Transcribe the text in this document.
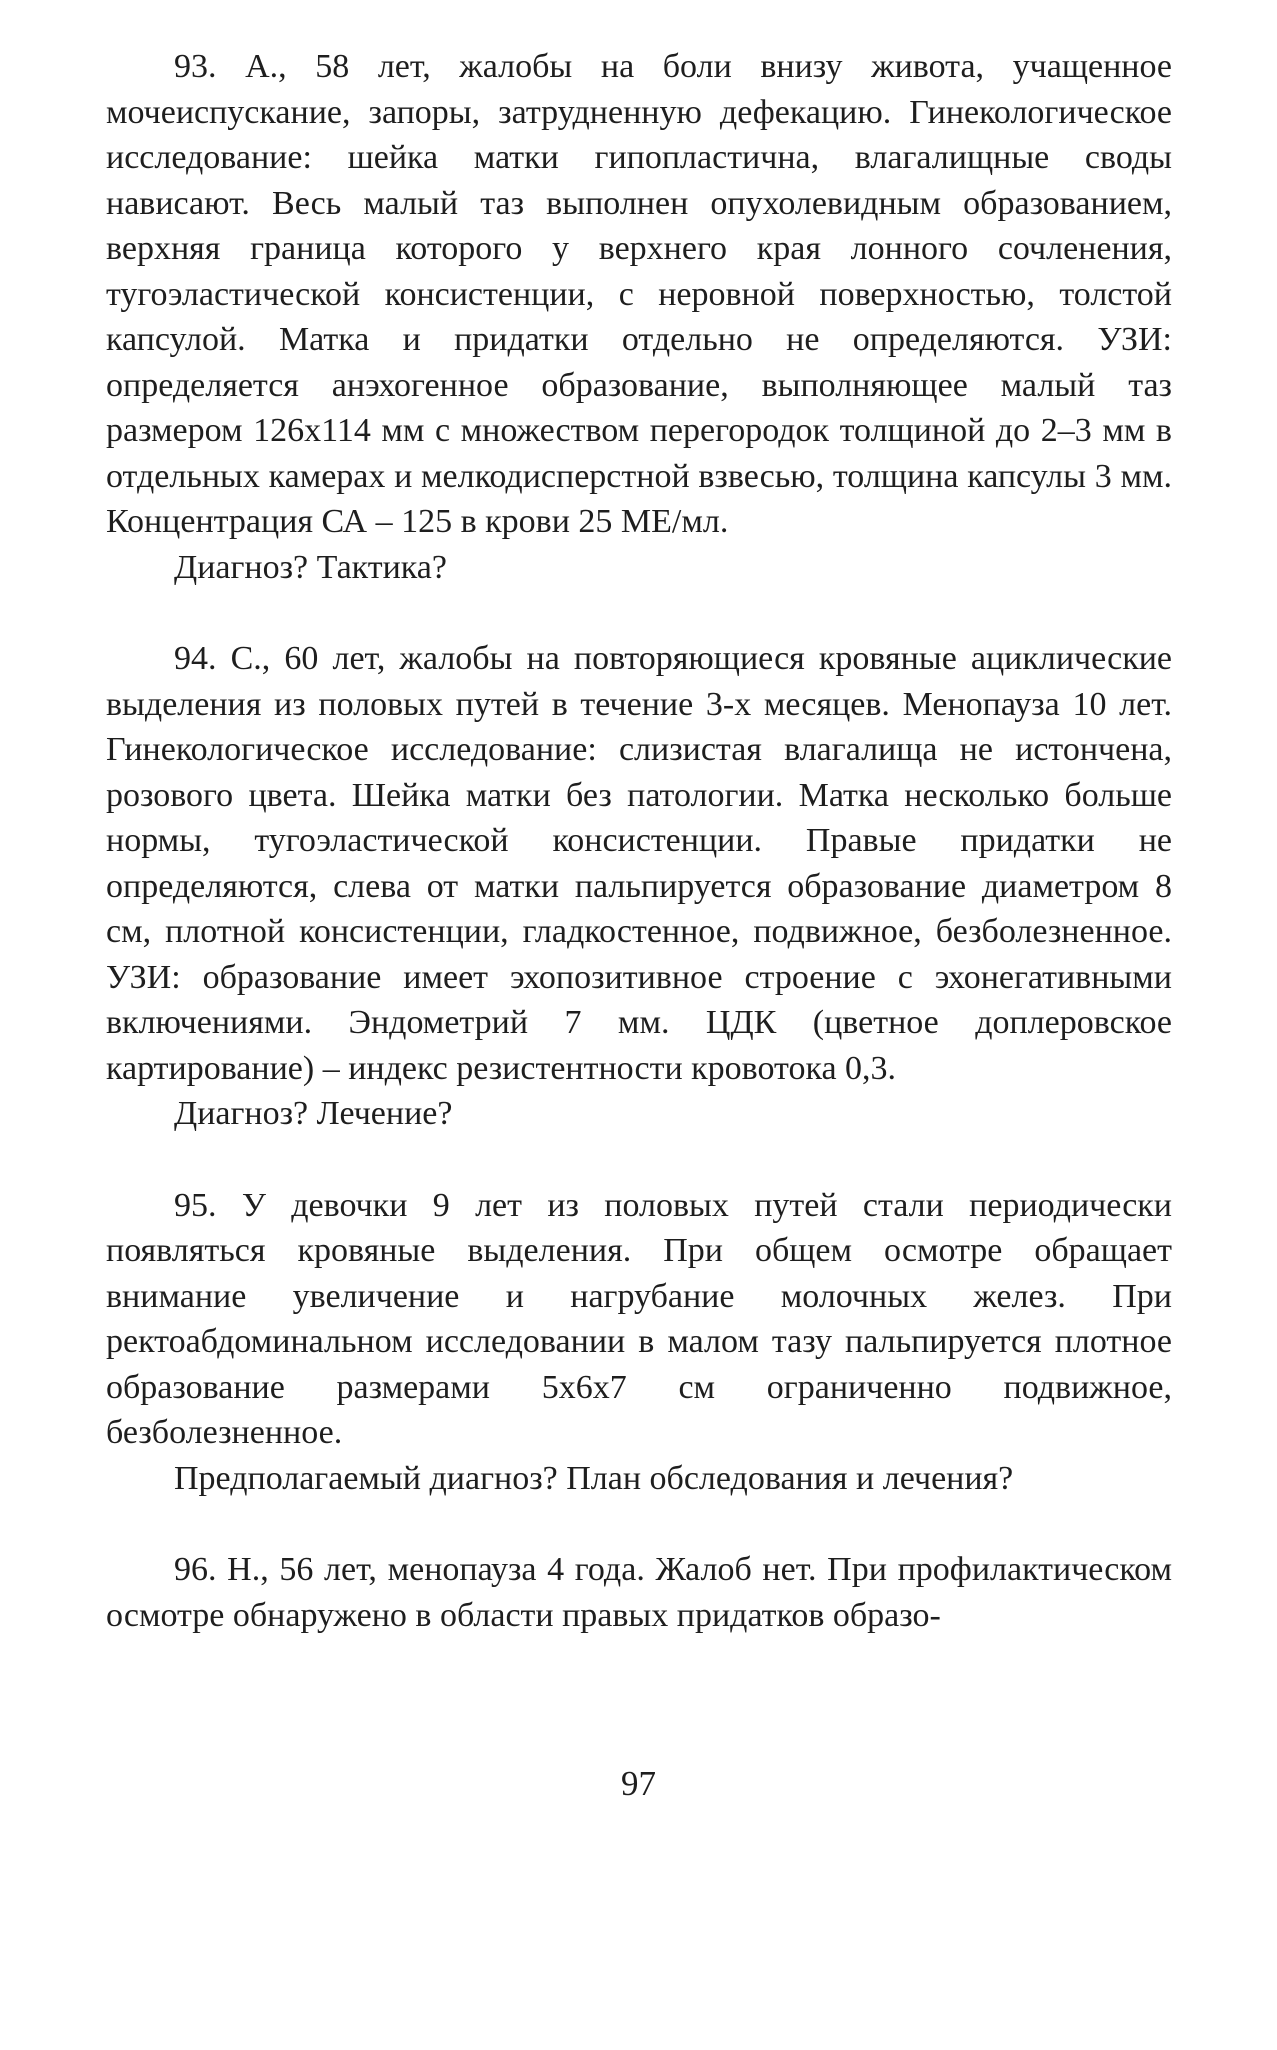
93. А., 58 лет, жалобы на боли внизу живота, учащенное мочеиспускание, запоры, затрудненную дефекацию. Гинекологическое исследование: шейка матки гипопластична, влагалищные своды нависают. Весь малый таз выполнен опухолевидным образованием, верхняя граница которого у верхнего края лонного сочленения, тугоэластической консистенции, с неровной поверхностью, толстой капсулой. Матка и придатки отдельно не определяются. УЗИ: определяется анэхогенное образование, выполняющее малый таз размером 126х114 мм с множеством перегородок толщиной до 2–3 мм в отдельных камерах и мелкодисперстной взвесью, толщина капсулы 3 мм. Концентрация СА – 125 в крови 25 МЕ/мл.

Диагноз? Тактика?

94. С., 60 лет, жалобы на повторяющиеся кровяные ациклические выделения из половых путей в течение 3-х месяцев. Менопауза 10 лет. Гинекологическое исследование: слизистая влагалища не истончена, розового цвета. Шейка матки без патологии. Матка несколько больше нормы, тугоэластической консистенции. Правые придатки не определяются, слева от матки пальпируется образование диаметром 8 см, плотной консистенции, гладкостенное, подвижное, безболезненное. УЗИ: образование имеет эхопозитивное строение с эхонегативными включениями. Эндометрий 7 мм. ЦДК (цветное доплеровское картирование) – индекс резистентности кровотока 0,3.

Диагноз? Лечение?

95. У девочки 9 лет из половых путей стали периодически появляться кровяные выделения. При общем осмотре обращает внимание увеличение и нагрубание молочных желез. При ректоабдоминальном исследовании в малом тазу пальпируется плотное образование размерами 5х6х7 см ограниченно подвижное, безболезненное.

Предполагаемый диагноз? План обследования и лечения?

96. Н., 56 лет, менопауза 4 года. Жалоб нет. При профилактическом осмотре обнаружено в области правых придатков образо-

97
